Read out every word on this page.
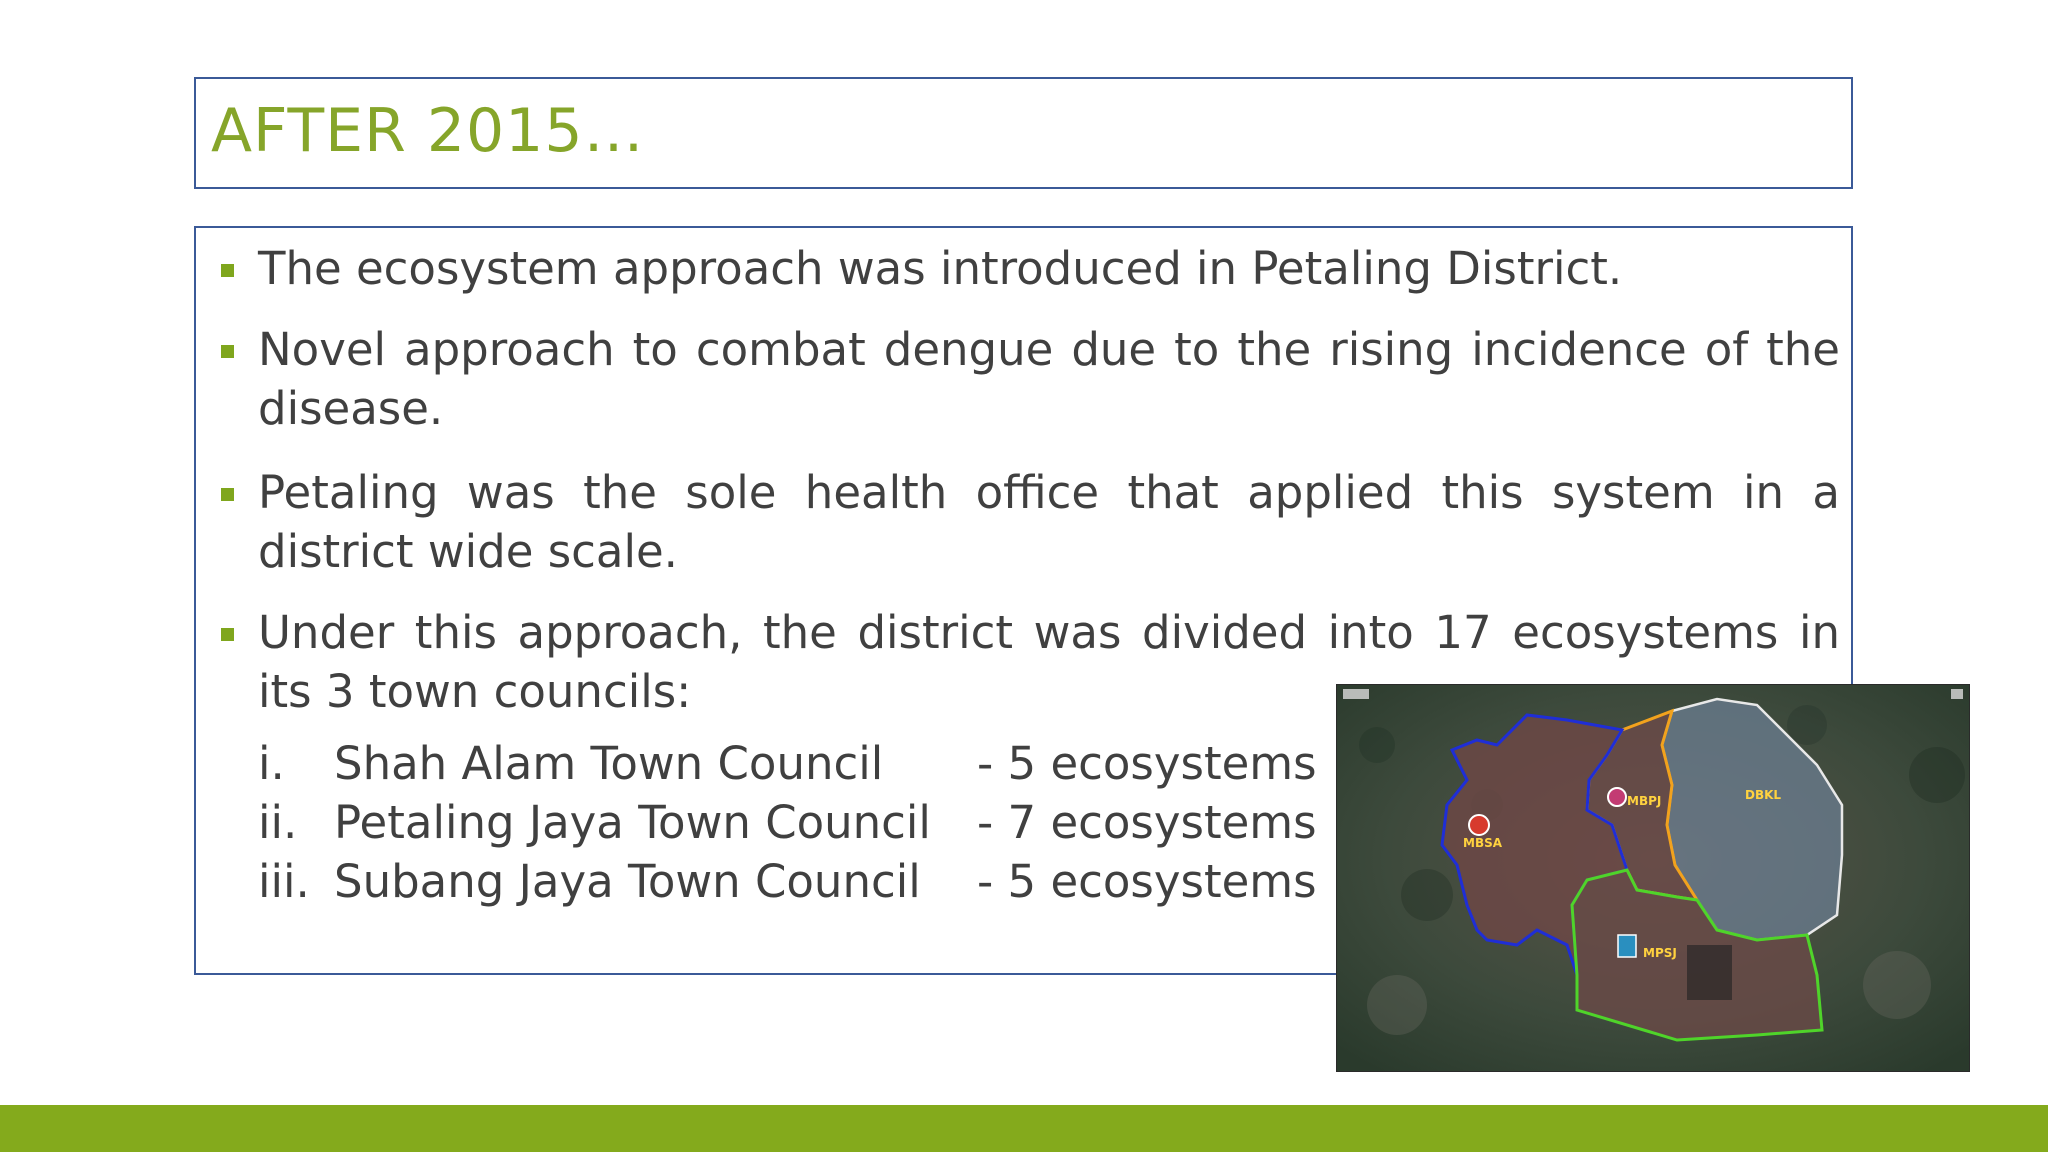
AFTER 2015…
The ecosystem approach was introduced in Petaling District.
Novel approach to combat dengue due to the rising incidence of the disease.
Petaling was the sole health office that applied this system in a district wide scale.
Under this approach, the district was divided into 17 ecosystems in its 3 town councils:
i. Shah Alam Town Council - 5 ecosystems
ii. Petaling Jaya Town Council - 7 ecosystems
iii. Subang Jaya Town Council - 5 ecosystems
MBSA
MBPJ	DBKL
MPSJ
